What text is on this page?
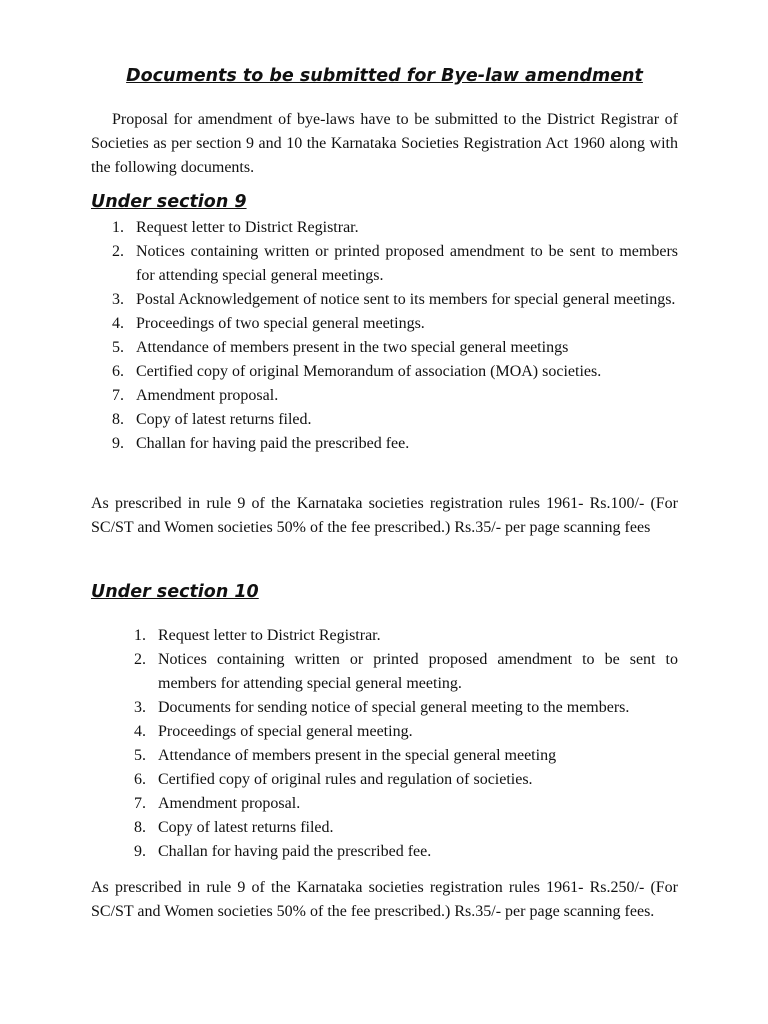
Documents to be submitted for Bye-law amendment

Proposal for amendment of bye-laws have to be submitted to the District Registrar of Societies as per section 9 and 10 the Karnataka Societies Registration Act 1960 along with the following documents.

Under section 9
1. Request letter to District Registrar.
2. Notices containing written or printed proposed amendment to be sent to members for attending special general meetings.
3. Postal Acknowledgement of notice sent to its members for special general meetings.
4. Proceedings of two special general meetings.
5. Attendance of members present in the two special general meetings
6. Certified copy of original Memorandum of association (MOA) societies.
7. Amendment proposal.
8. Copy of latest returns filed.
9. Challan for having paid the prescribed fee.

As prescribed in rule 9 of the Karnataka societies registration rules 1961- Rs.100/- (For SC/ST and Women societies 50% of the fee prescribed.) Rs.35/- per page scanning fees

Under section 10
1. Request letter to District Registrar.
2. Notices containing written or printed proposed amendment to be sent to members for attending special general meeting.
3. Documents for sending notice of special general meeting to the members.
4. Proceedings of special general meeting.
5. Attendance of members present in the special general meeting
6. Certified copy of original rules and regulation of societies.
7. Amendment proposal.
8. Copy of latest returns filed.
9. Challan for having paid the prescribed fee.

As prescribed in rule 9 of the Karnataka societies registration rules 1961- Rs.250/- (For SC/ST and Women societies 50% of the fee prescribed.) Rs.35/- per page scanning fees.
